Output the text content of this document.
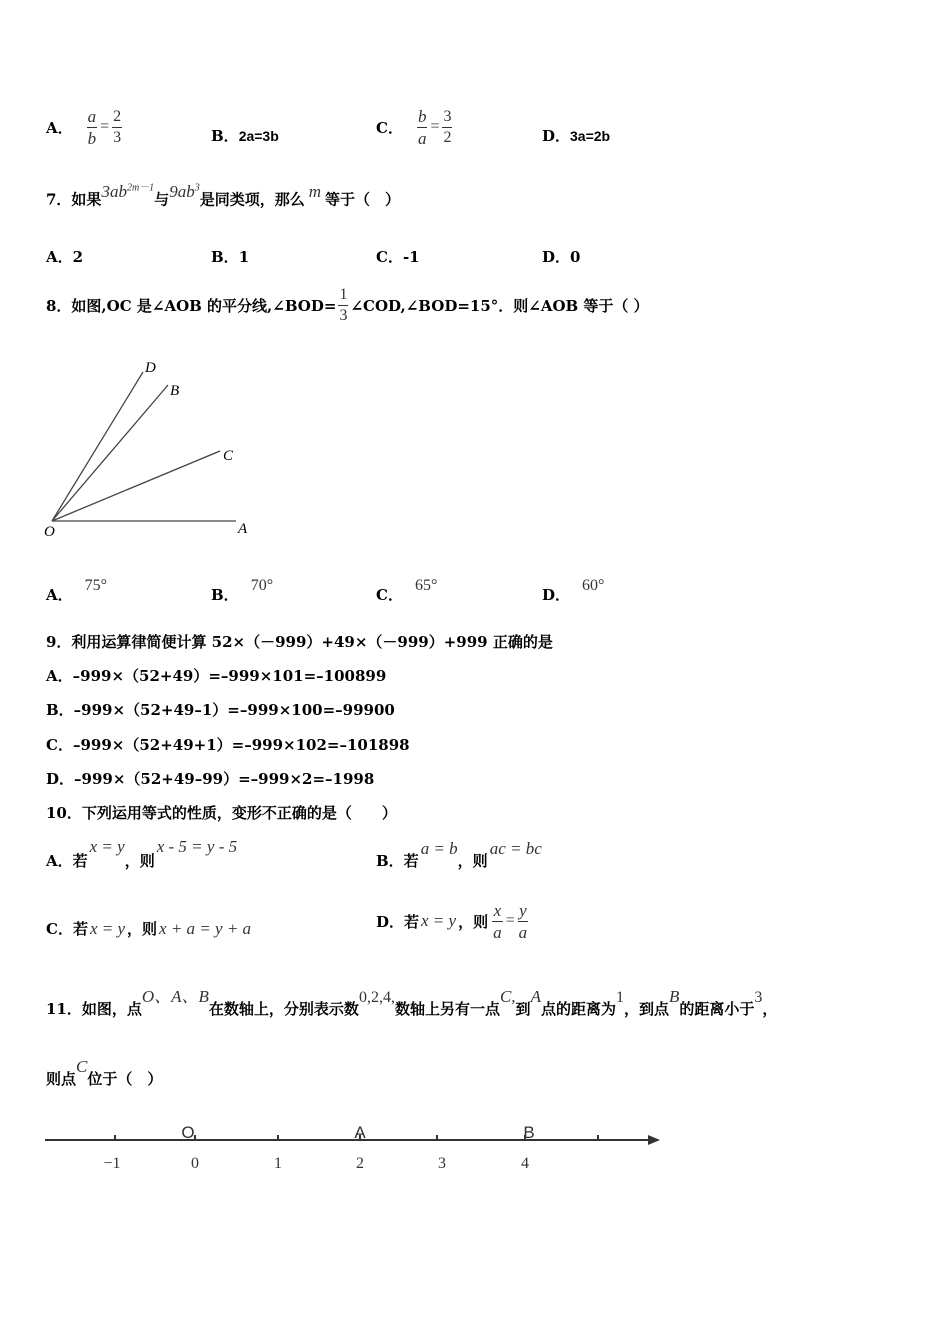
A． $\frac{a}{b} = \frac{2}{3}$	B．2a=3b	C． $\frac{b}{a} = \frac{3}{2}$	D．3a=2b
7．如果$3ab^{2m-1}$与$9ab^3$是同类项，那么 m 等于（　）
A．2	B．1	C．-1	D．0
8．如图,OC 是∠AOB 的平分线,∠BOD= $\frac{1}{3}$ ∠COD,∠BOD=15°．则∠AOB 等于（ ）
D
B
C
O	A
A．75°
B．70°
C．65°
D．60°
9．利用运算律简便计算 52×（－999）+49×（－999）+999 正确的是
A．–999×（52+49）=–999×101=–100899
B．–999×（52+49–1）=–999×100=–99900
C．–999×（52+49+1）=–999×102=–101898
D．–999×（52+49–99）=–999×2=–1998
10．下列运用等式的性质，变形不正确的是（　　）
A．若x = y，则x - 5 = y - 5
B．若a = b，则ac = bc
C．若 x = y ，则 x + a = y + a	D．若 x = y ，则 $\frac{x}{a} = \frac{y}{a}$
11．如图，点O、A、B在数轴上，分别表示数0,2,4,数轴上另有一点C,到A点的距离为1，到点B的距离小于3，
则点C位于（　）
O	A	B
−1	0	1	2	3	4
